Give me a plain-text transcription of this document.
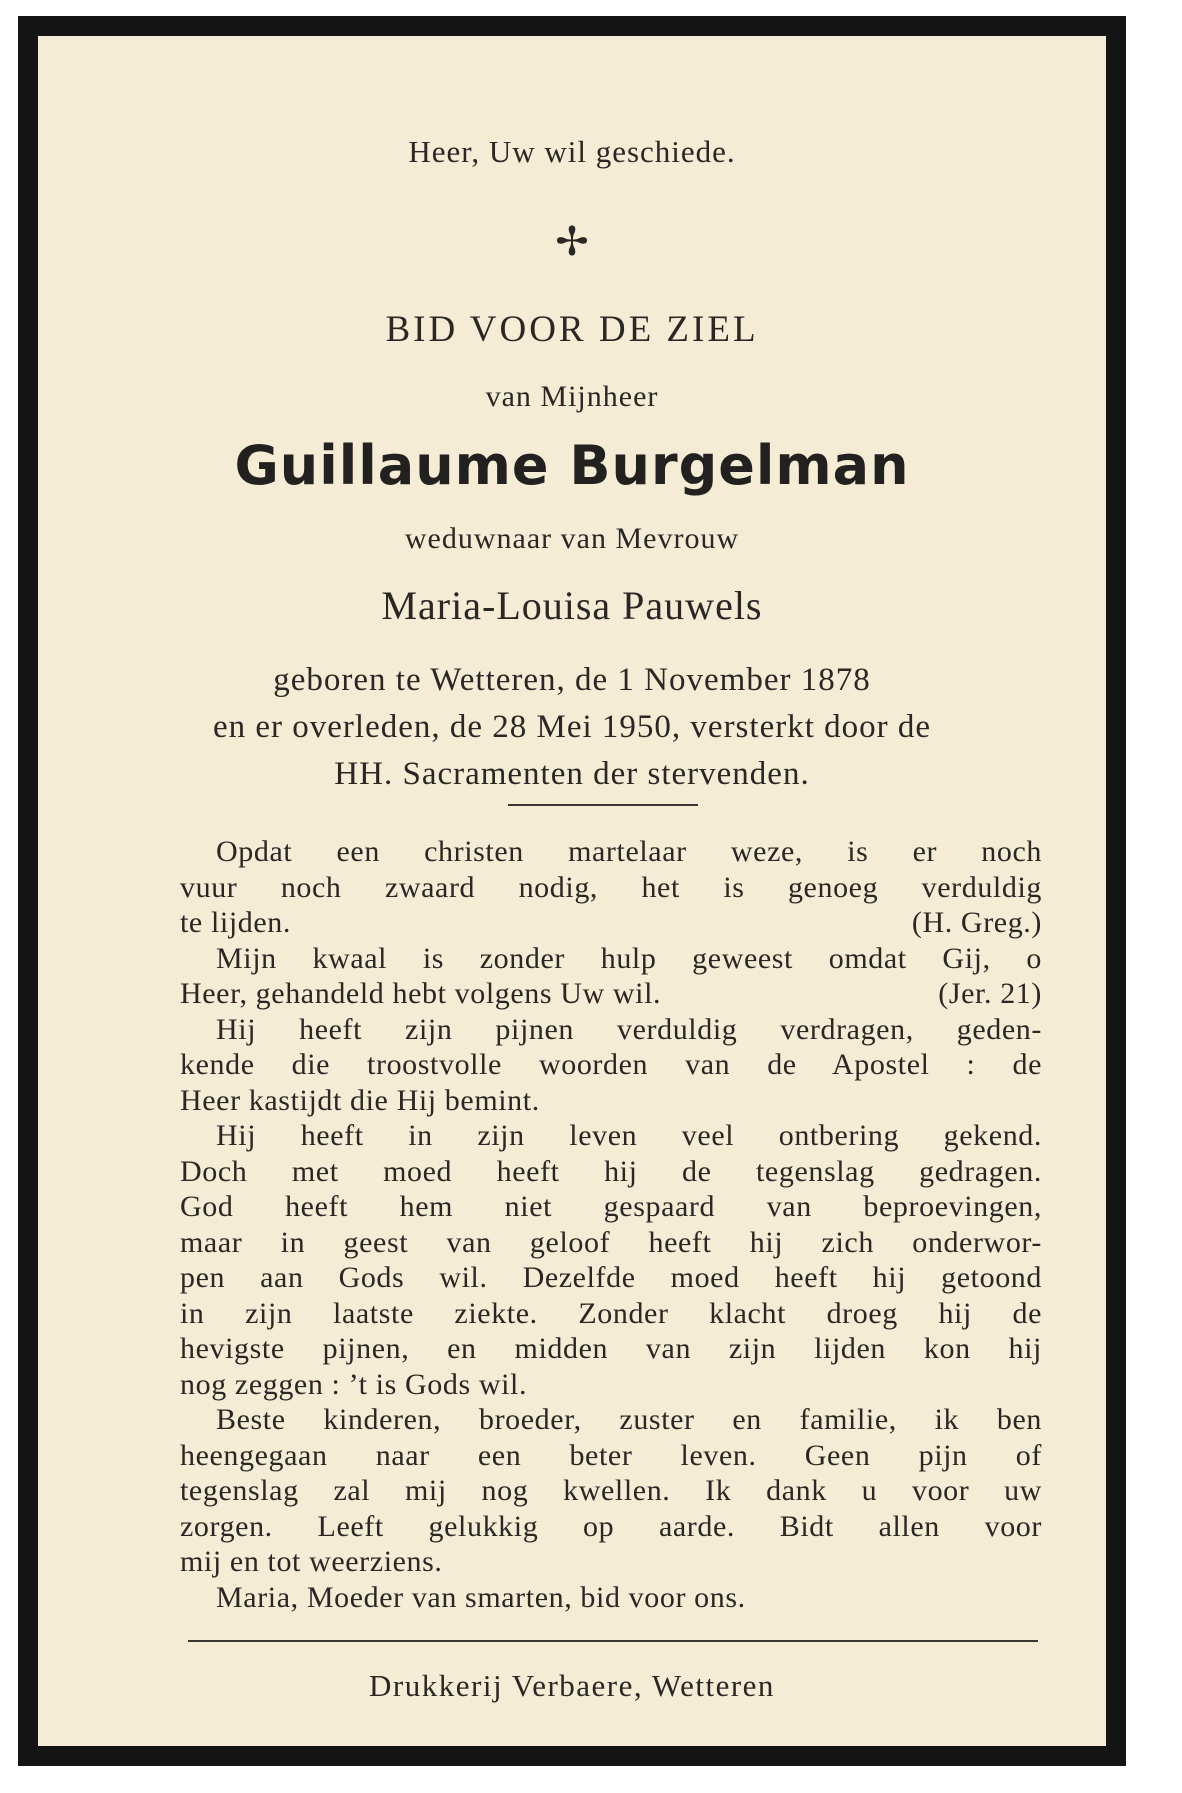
Heer, Uw wil geschiede.
✢
BID VOOR DE ZIEL
van Mijnheer
Guillaume Burgelman
weduwnaar van Mevrouw
Maria-Louisa Pauwels
geboren te Wetteren, de 1 November 1878
en er overleden, de 28 Mei 1950, versterkt door de
HH. Sacramenten der stervenden.
Opdat een christen martelaar weze, is er noch
vuur noch zwaard nodig, het is genoeg verduldig
(H. Greg.)
te lijden.
Mijn kwaal is zonder hulp geweest omdat Gij, o
(Jer. 21)
Heer, gehandeld hebt volgens Uw wil.
Hij heeft zijn pijnen verduldig verdragen, geden-
kende die troostvolle woorden van de Apostel : de
Heer kastijdt die Hij bemint.
Hij heeft in zijn leven veel ontbering gekend.
Doch met moed heeft hij de tegenslag gedragen.
God heeft hem niet gespaard van beproevingen,
maar in geest van geloof heeft hij zich onderwor-
pen aan Gods wil. Dezelfde moed heeft hij getoond
in zijn laatste ziekte. Zonder klacht droeg hij de
hevigste pijnen, en midden van zijn lijden kon hij
nog zeggen : ’t is Gods wil.
Beste kinderen, broeder, zuster en familie, ik ben
heengegaan naar een beter leven. Geen pijn of
tegenslag zal mij nog kwellen. Ik dank u voor uw
zorgen. Leeft gelukkig op aarde. Bidt allen voor
mij en tot weerziens.
Maria, Moeder van smarten, bid voor ons.
Drukkerij Verbaere, Wetteren
